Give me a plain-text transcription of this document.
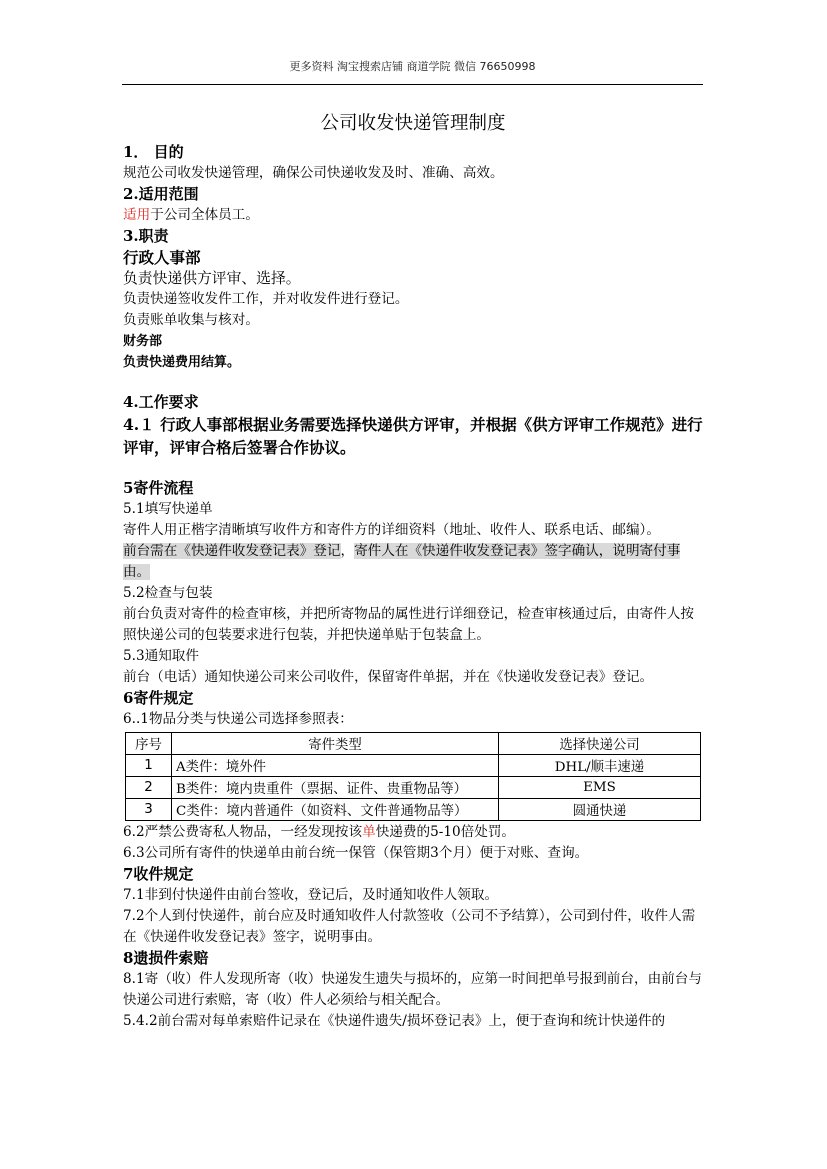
更多资料 淘宝搜索店铺 商道学院 微信 76650998
公司收发快递管理制度
1． 目的
规范公司收发快递管理，确保公司快递收发及时、准确、高效。
2.适用范围
适用于公司全体员工。
3.职责
行政人事部
负责快递供方评审、选择。
负责快递签收发件工作，并对收发件进行登记。
负责账单收集与核对。
财务部
负责快递费用结算。
4.工作要求
4.１ 行政人事部根据业务需要选择快递供方评审，并根据《供方评审工作规范》进行评审，评审合格后签署合作协议。
5寄件流程
5.1填写快递单
寄件人用正楷字清晰填写收件方和寄件方的详细资料（地址、收件人、联系电话、邮编）。
前台需在《快递件收发登记表》登记，寄件人在《快递件收发登记表》签字确认，说明寄付事由。
5.2检查与包装
前台负责对寄件的检查审核，并把所寄物品的属性进行详细登记，检查审核通过后，由寄件人按照快递公司的包装要求进行包装，并把快递单贴于包装盒上。
5.3通知取件
前台（电话）通知快递公司来公司收件，保留寄件单据，并在《快递收发登记表》登记。
6寄件规定
6..1物品分类与快递公司选择参照表：
序号	寄件类型	选择快递公司
1	A类件：境外件	DHL/顺丰速递
2	B类件：境内贵重件（票据、证件、贵重物品等）	EMS
3	C类件：境内普通件（如资料、文件普通物品等）	圆通快递
6.2严禁公费寄私人物品，一经发现按该单快递费的5-10倍处罚。
6.3公司所有寄件的快递单由前台统一保管（保管期3个月）便于对账、查询。
7收件规定
7.1非到付快递件由前台签收，登记后，及时通知收件人领取。
7.2个人到付快递件，前台应及时通知收件人付款签收（公司不予结算），公司到付件，收件人需在《快递件收发登记表》签字，说明事由。
8遗损件索赔
8.1寄（收）件人发现所寄（收）快递发生遗失与损坏的，应第一时间把单号报到前台，由前台与快递公司进行索赔，寄（收）件人必须给与相关配合。
5.4.2前台需对每单索赔件记录在《快递件遗失/损坏登记表》上，便于查询和统计快递件的
